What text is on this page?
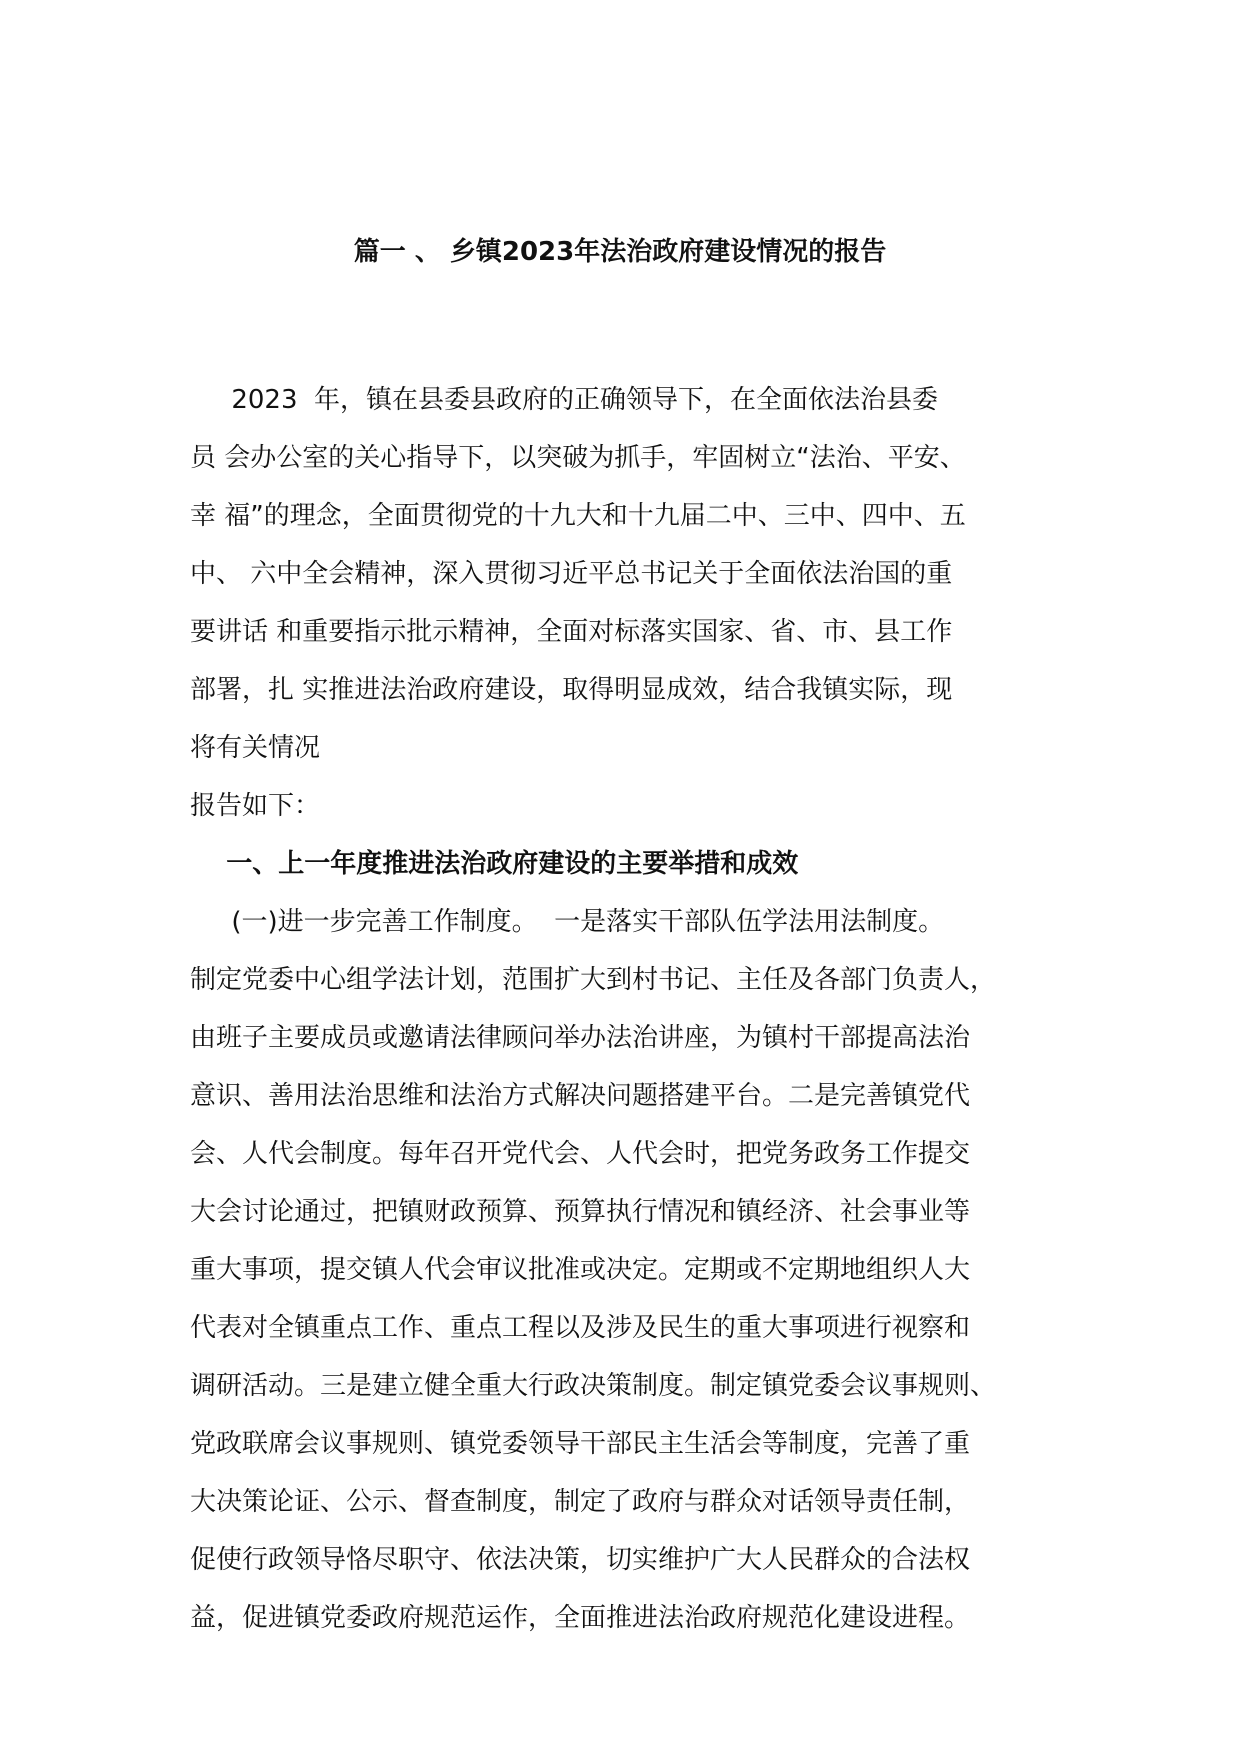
篇一 、 乡镇2023年法治政府建设情况的报告
2023  年，镇在县委县政府的正确领导下，在全面依法治县委
员 会办公室的关心指导下，以突破为抓手，牢固树立“法治、平安、
幸 福”的理念，全面贯彻党的十九大和十九届二中、三中、四中、五
中、 六中全会精神，深入贯彻习近平总书记关于全面依法治国的重
要讲话 和重要指示批示精神，全面对标落实国家、省、市、县工作
部署，扎 实推进法治政府建设，取得明显成效，结合我镇实际，现
将有关情况
报告如下：
一、上一年度推进法治政府建设的主要举措和成效
(一)进一步完善工作制度。  一是落实干部队伍学法用法制度。
制定党委中心组学法计划，范围扩大到村书记、主任及各部门负责人，
由班子主要成员或邀请法律顾问举办法治讲座，为镇村干部提高法治
意识、善用法治思维和法治方式解决问题搭建平台。二是完善镇党代
会、人代会制度。每年召开党代会、人代会时，把党务政务工作提交
大会讨论通过，把镇财政预算、预算执行情况和镇经济、社会事业等
重大事项，提交镇人代会审议批准或决定。定期或不定期地组织人大
代表对全镇重点工作、重点工程以及涉及民生的重大事项进行视察和
调研活动。三是建立健全重大行政决策制度。制定镇党委会议事规则、
党政联席会议事规则、镇党委领导干部民主生活会等制度，完善了重
大决策论证、公示、督查制度，制定了政府与群众对话领导责任制，
促使行政领导恪尽职守、依法决策，切实维护广大人民群众的合法权
益，促进镇党委政府规范运作，全面推进法治政府规范化建设进程。
